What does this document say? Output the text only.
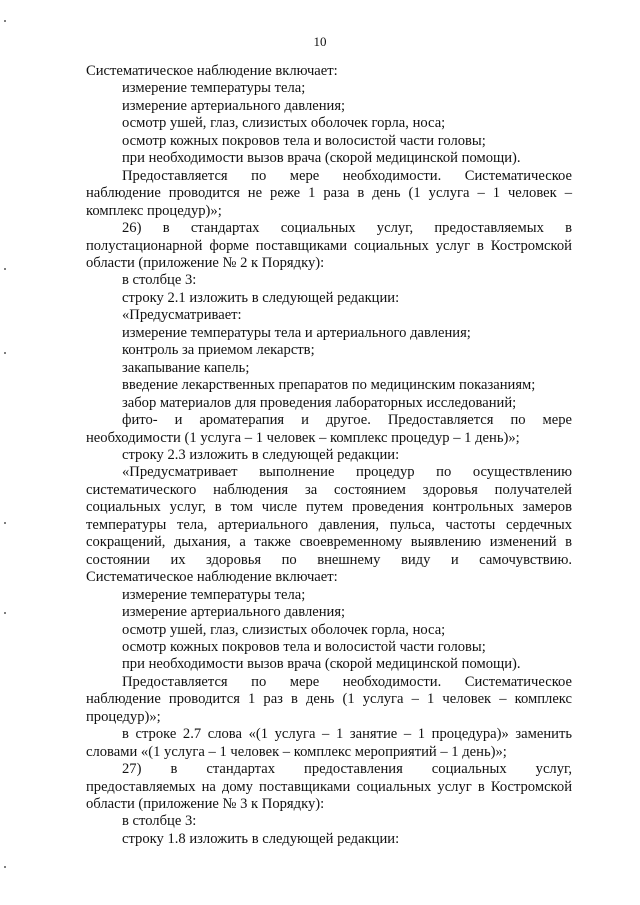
10

Систематическое наблюдение включает:

измерение температуры тела;

измерение артериального давления;

осмотр ушей, глаз, слизистых оболочек горла, носа;

осмотр кожных покровов тела и волосистой части головы;

при необходимости вызов врача (скорой медицинской помощи).

Предоставляется по мере необходимости. Систематическое

наблюдение проводится не реже 1 раза в день (1 услуга – 1 человек –

комплекс процедур)»;

26) в стандартах социальных услуг, предоставляемых в

полустационарной форме поставщиками социальных услуг в Костромской

области (приложение № 2 к Порядку):

в столбце 3:

строку 2.1 изложить в следующей редакции:

«Предусматривает:

измерение температуры тела и артериального давления;

контроль за приемом лекарств;

закапывание капель;

введение лекарственных препаратов по медицинским показаниям;

забор материалов для проведения лабораторных исследований;

фито- и ароматерапия и другое. Предоставляется по мере

необходимости (1 услуга – 1 человек – комплекс процедур – 1 день)»;

строку 2.3 изложить в следующей редакции:

«Предусматривает выполнение процедур по осуществлению

систематического наблюдения за состоянием здоровья получателей

социальных услуг, в том числе путем проведения контрольных замеров

температуры тела, артериального давления, пульса, частоты сердечных

сокращений, дыхания, а также своевременному выявлению изменений в

состоянии их здоровья по внешнему виду и самочувствию.

Систематическое наблюдение включает:

измерение температуры тела;

измерение артериального давления;

осмотр ушей, глаз, слизистых оболочек горла, носа;

осмотр кожных покровов тела и волосистой части головы;

при необходимости вызов врача (скорой медицинской помощи).

Предоставляется по мере необходимости. Систематическое

наблюдение проводится 1 раз в день (1 услуга – 1 человек – комплекс

процедур)»;

в строке 2.7 слова «(1 услуга – 1 занятие – 1 процедура)» заменить

словами «(1 услуга – 1 человек – комплекс мероприятий – 1 день)»;

27) в стандартах предоставления социальных услуг,

предоставляемых на дому поставщиками социальных услуг в Костромской

области (приложение № 3 к Порядку):

в столбце 3:

строку 1.8 изложить в следующей редакции:
